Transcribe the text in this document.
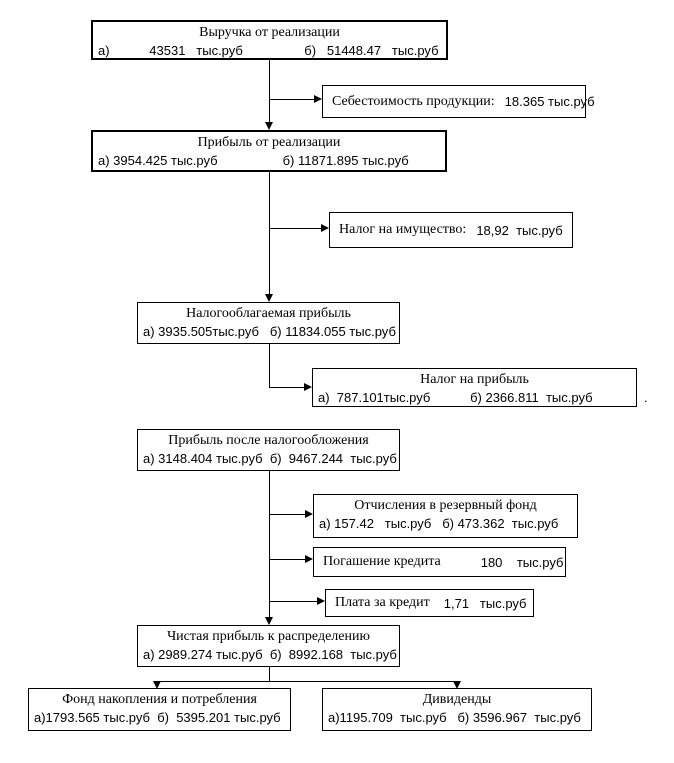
Выручка от реализации
а)           43531   тыс.руб                 б)   51448.47   тыс.руб
Себестоимость продукции: 18.365 тыс.руб
Прибыль от реализации
а) 3954.425 тыс.руб                  б) 11871.895 тыс.руб
Налог на имущество: 18,92  тыс.руб
Налогооблагаемая прибыль
а) 3935.505тыс.руб   б) 11834.055 тыс.руб
Налог на прибыль
а)  787.101тыс.руб           б) 2366.811  тыс.руб	.
Прибыль после налогообложения
а) 3148.404 тыс.руб  б)  9467.244  тыс.руб
Отчисления в резервный фонд
а) 157.42   тыс.руб   б) 473.362  тыс.руб
Погашение кредита	180    тыс.руб
Плата за кредит	1,71   тыс.руб
Чистая прибыль к распределению
а) 2989.274 тыс.руб  б)  8992.168  тыс.руб
Фонд накопления и потребления
а)1793.565 тыс.руб  б)  5395.201 тыс.руб
Дивиденды
а)1195.709  тыс.руб   б) 3596.967  тыс.руб
